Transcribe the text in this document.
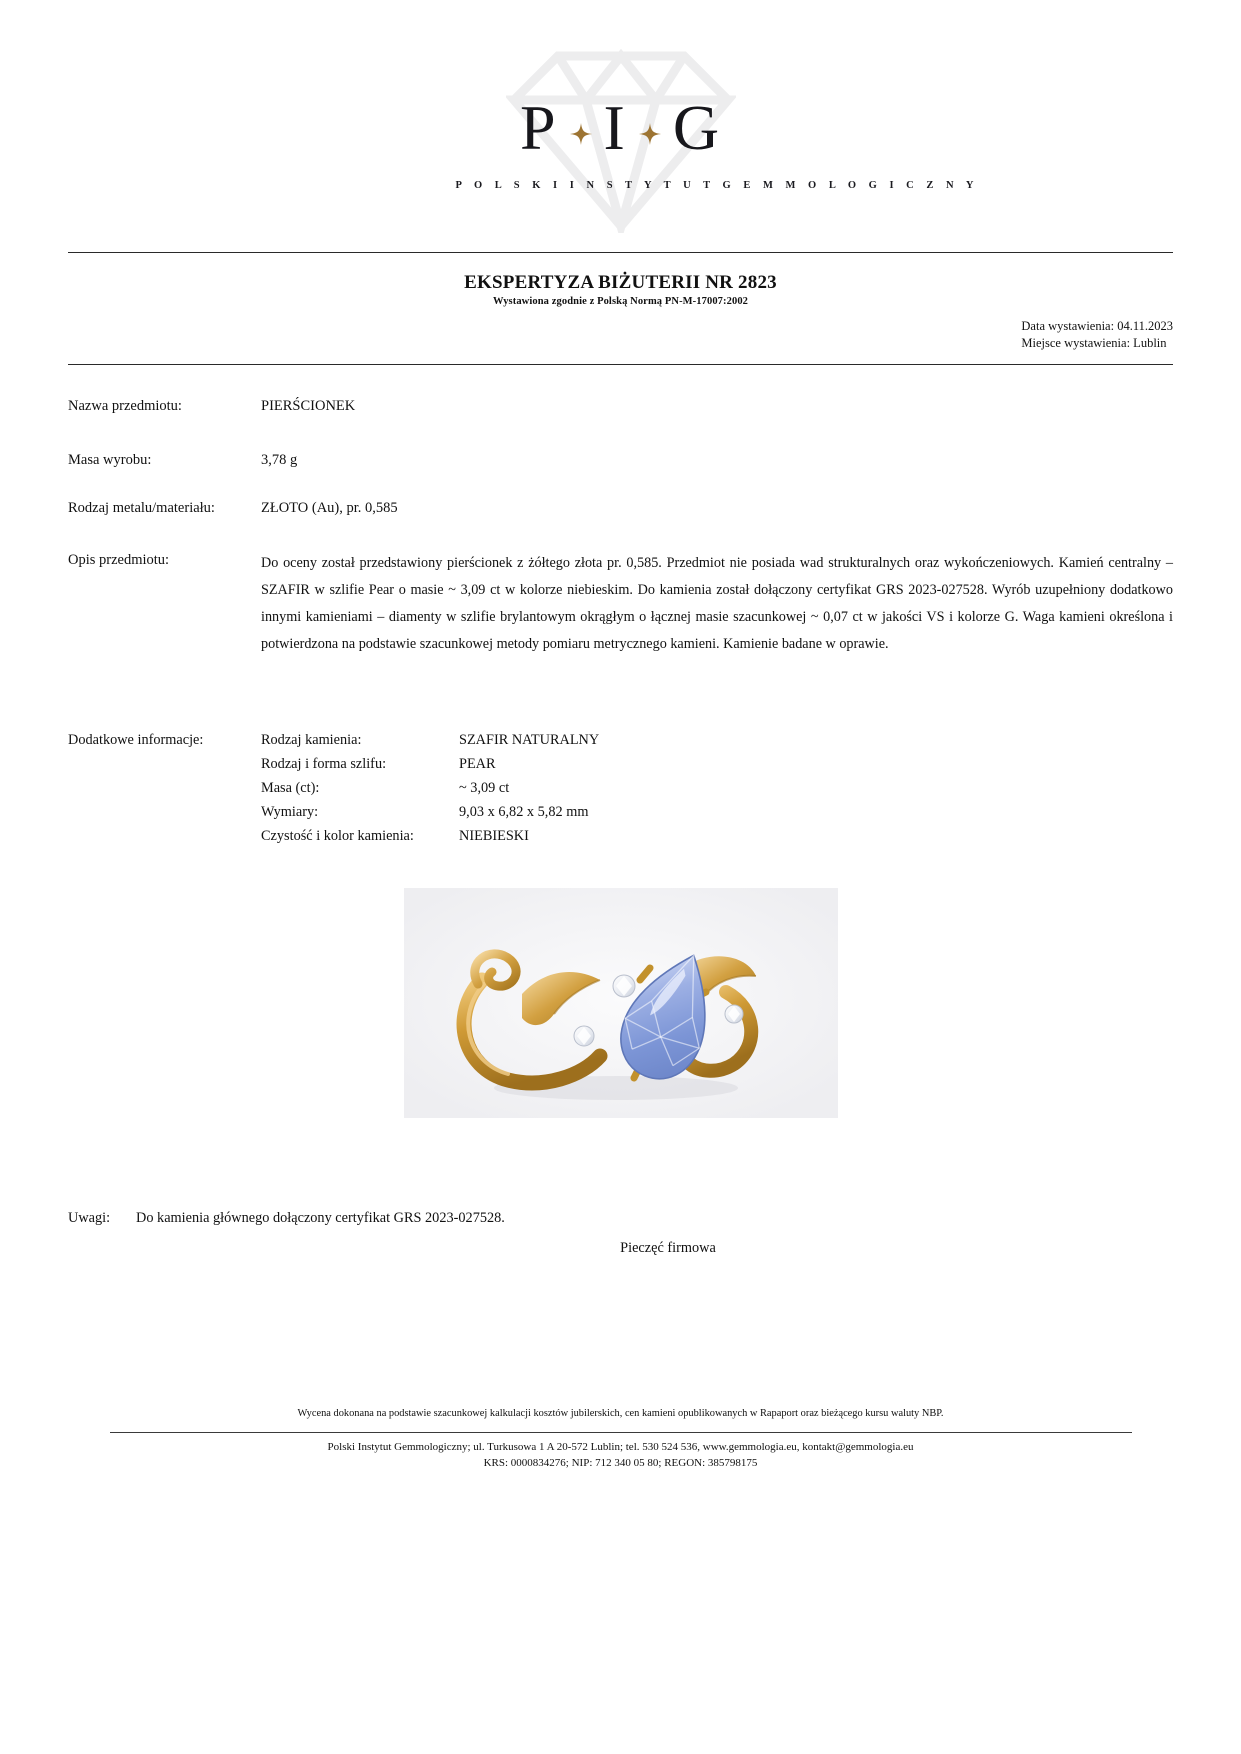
P I G
P O L S K I I N S T Y T U T G E M M O L O G I C Z N Y
EKSPERTYZA BIŻUTERII NR 2823
Wystawiona zgodnie z Polską Normą PN-M-17007:2002
Data wystawienia: 04.11.2023
Miejsce wystawienia: Lublin
Nazwa przedmiotu:	PIERŚCIONEK
Masa wyrobu:	3,78 g
Rodzaj metalu/materiału:	ZŁOTO (Au), pr. 0,585
Opis przedmiotu:	Do oceny został przedstawiony pierścionek z żółtego złota pr. 0,585. Przedmiot nie posiada wad strukturalnych oraz wykończeniowych. Kamień centralny – SZAFIR w szlifie Pear o masie ~ 3,09 ct w kolorze niebieskim. Do kamienia został dołączony certyfikat GRS 2023-027528. Wyrób uzupełniony dodatkowo innymi kamieniami – diamenty w szlifie brylantowym okrągłym o łącznej masie szacunkowej ~ 0,07 ct w jakości VS i kolorze G. Waga kamieni określona i potwierdzona na podstawie szacunkowej metody pomiaru metrycznego kamieni. Kamienie badane w oprawie.
Dodatkowe informacje:	Rodzaj kamienia:	SZAFIR NATURALNY
Rodzaj i forma szlifu:	PEAR
Masa (ct):	~ 3,09 ct
Wymiary:	9,03 x 6,82 x 5,82 mm
Czystość i kolor kamienia:	NIEBIESKI
Uwagi: Do kamienia głównego dołączony certyfikat GRS 2023-027528.
Pieczęć firmowa
Wycena dokonana na podstawie szacunkowej kalkulacji kosztów jubilerskich, cen kamieni opublikowanych w Rapaport oraz bieżącego kursu waluty NBP.
Polski Instytut Gemmologiczny; ul. Turkusowa 1 A 20-572 Lublin; tel. 530 524 536, www.gemmologia.eu, kontakt@gemmologia.eu
KRS: 0000834276; NIP: 712 340 05 80; REGON: 385798175
